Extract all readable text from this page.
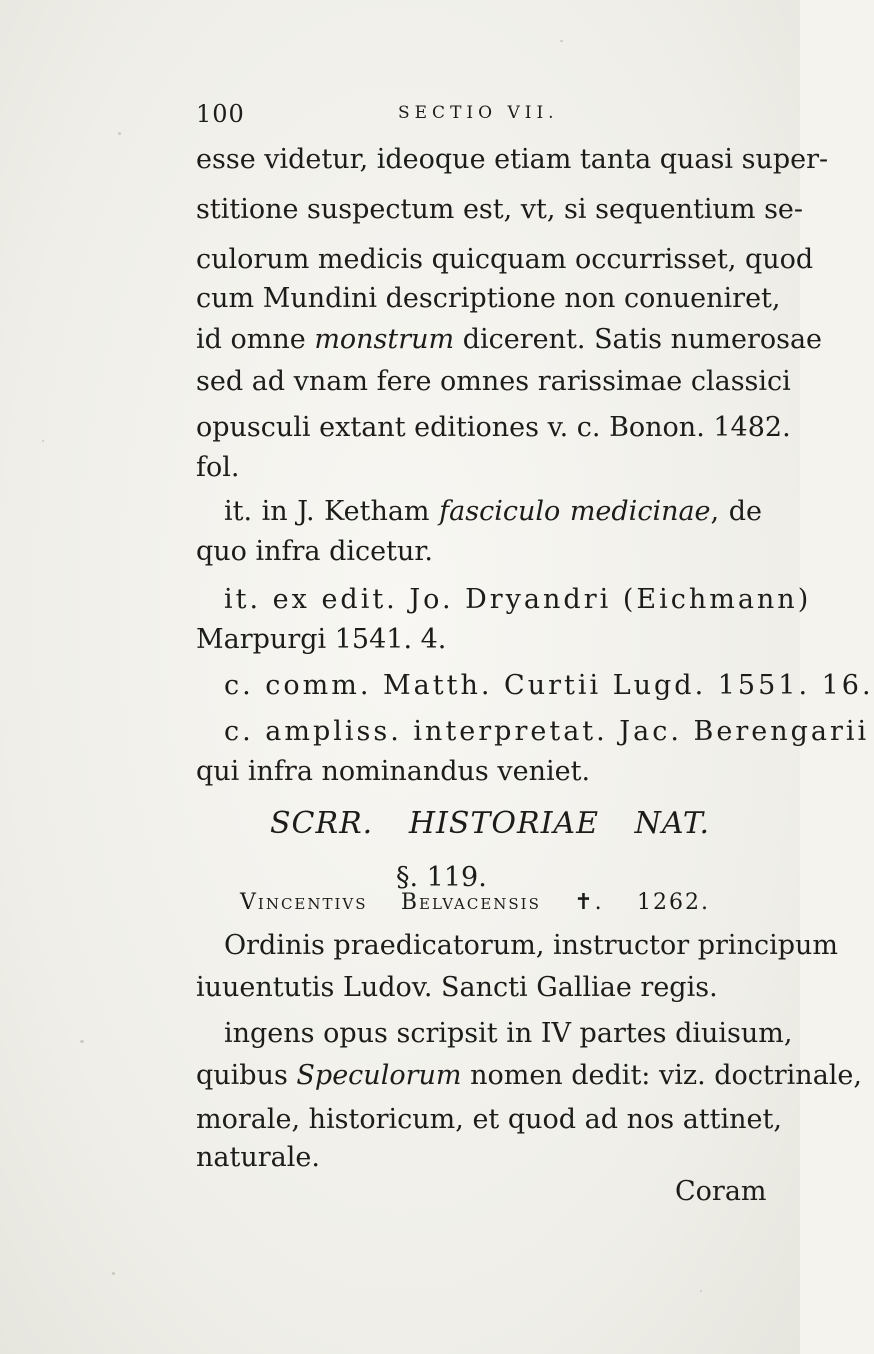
100	SECTIO VII.
esse videtur, ideoque etiam tanta quasi super-
stitione suspectum est, vt, si sequentium se-
culorum medicis quicquam occurrisset, quod
cum Mundini descriptione non conueniret,
id omne monstrum dicerent. Satis numerosae
sed ad vnam fere omnes rarissimae classici
opusculi extant editiones v. c. Bonon. 1482.
fol.
it. in J. Ketham fasciculo medicinae, de
quo infra dicetur.
it. ex edit. Jo. Dryandri (Eichmann)
Marpurgi 1541. 4.
c. comm. Matth. Curtii Lugd. 1551. 16.
c. ampliss. interpretat. Jac. Berengarii
qui infra nominandus veniet.
SCRR. HISTORIAE NAT.
§. 119.
Vincentivs Belvacensis ✝. 1262.
Ordinis praedicatorum, instructor principum
iuuentutis Ludov. Sancti Galliae regis.
ingens opus scripsit in IV partes diuisum,
quibus Speculorum nomen dedit: viz. doctrinale,
morale, historicum, et quod ad nos attinet,
naturale.
Coram
